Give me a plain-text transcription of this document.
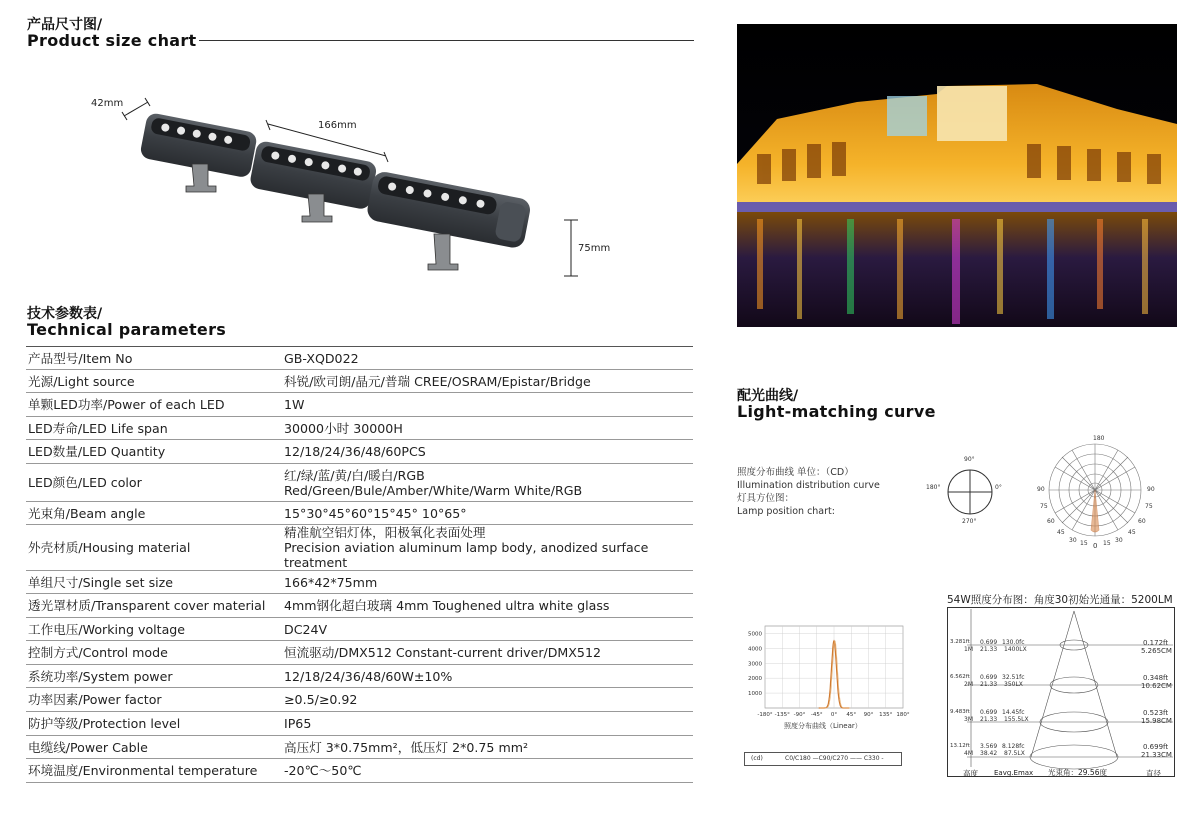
产品尺寸图/
Product size chart
42mm
166mm
75mm
技术参数表/
Technical parameters
产品型号/Item No	GB-XQD022
光源/Light source	科锐/欧司朗/晶元/普瑞 CREE/OSRAM/Epistar/Bridge
单颗LED功率/Power of each LED	1W
LED寿命/LED Life span	30000小时 30000H
LED数量/LED Quantity	12/18/24/36/48/60PCS
LED颜色/LED color	红/绿/蓝/黄/白/暖白/RGB
Red/Green/Bule/Amber/White/Warm White/RGB

光束角/Beam angle	15°30°45°60°15°45° 10°65°
外壳材质/Housing material	精准航空铝灯体，阳极氧化表面处理
Precision aviation aluminum lamp body, anodized surface treatment

单组尺寸/Single set size	166*42*75mm
透光罩材质/Transparent cover material	4mm钢化超白玻璃 4mm Toughened ultra white glass
工作电压/Working voltage	DC24V
控制方式/Control mode	恒流驱动/DMX512 Constant-current driver/DMX512
系统功率/System power	12/18/24/36/48/60W±10%
功率因素/Power factor	≥0.5/≥0.92
防护等级/Protection level	IP65
电缆线/Power Cable	高压灯 3*0.75mm²，低压灯 2*0.75 mm²
环境温度/Environmental temperature	-20℃～50℃
配光曲线/
Light-matching curve
照度分布曲线 单位：（CD）
Illumination distribution curve
灯具方位图：
Lamp position chart:
90°
270°
180°	0°
180
90	90
75	75
60	60
45	45
30	30
15	15
0
-180° -135° -90° -45° 0° 45° 90° 135° 180°
5000
4000
3000
2000
1000
照度分布曲线（Linear）
(cd)	C0/C180 —C90/C270 —— C330 -
54W照度分布图：角度30初始光通量：5200LM
3.281ft
1M
0.699 130.0fc
21.33 1400LX
0.172ft
5.265CM
6.562ft
2M
0.699 32.51fc
21.33 350LX
0.348ft
10.62CM
9.483ft
3M
0.699 14.45fc
21.33 155.5LX
0.523ft
15.98CM
13.12ft
4M
3.569 8.128fc
38.42 87.5LX
0.699ft
21.33CM
高度 Eavg.Emax 光束角：29.56度	直径
